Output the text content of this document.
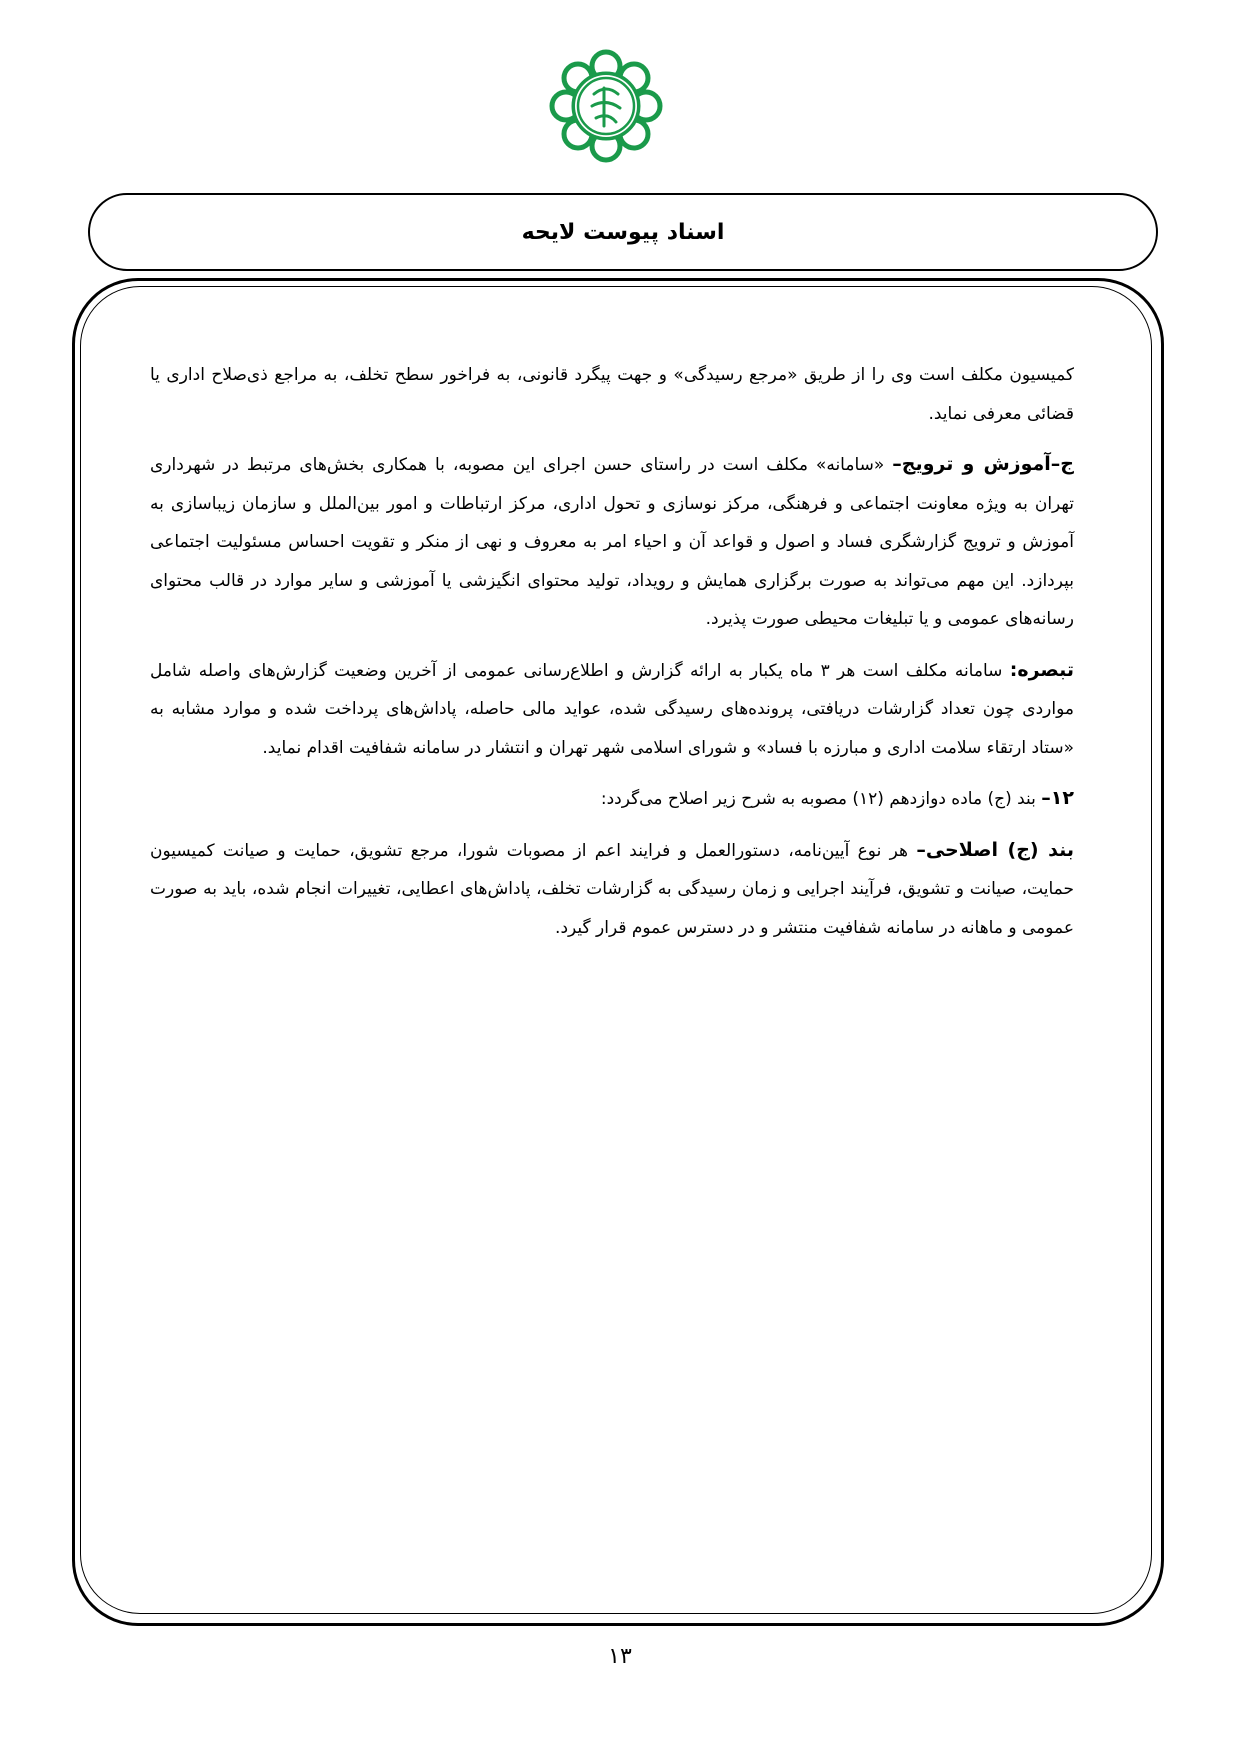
اسناد پیوست لایحه

کمیسیون مکلف است وی را از طریق «مرجع رسیدگی» و جهت پیگرد قانونی، به فراخور سطح تخلف، به مراجع ذی‌صلاح اداری یا قضائی معرفی نماید.

ج–آموزش و ترویج– «سامانه» مکلف است در راستای حسن اجرای این مصوبه، با همکاری بخش‌های مرتبط در شهرداری تهران به ویژه معاونت اجتماعی و فرهنگی، مرکز نوسازی و تحول اداری، مرکز ارتباطات و امور بین‌الملل و سازمان زیباسازی به آموزش و ترویج گزارشگری فساد و اصول و قواعد آن و احیاء امر به معروف و نهی از منکر و تقویت احساس مسئولیت اجتماعی بپردازد. این مهم می‌تواند به صورت برگزاری همایش و رویداد، تولید محتوای انگیزشی یا آموزشی و سایر موارد در قالب محتوای رسانه‌های عمومی و یا تبلیغات محیطی صورت پذیرد.

تبصره: سامانه مکلف است هر ۳ ماه یکبار به ارائه گزارش و اطلاع‌رسانی عمومی از آخرین وضعیت گزارش‌های واصله شامل مواردی چون تعداد گزارشات دریافتی، پرونده‌های رسیدگی شده، عواید مالی حاصله، پاداش‌های پرداخت شده و موارد مشابه به «ستاد ارتقاء سلامت اداری و مبارزه با فساد» و شورای اسلامی شهر تهران و انتشار در سامانه شفافیت اقدام نماید.

۱۲– بند (ج) ماده دوازدهم (۱۲) مصوبه به شرح زیر اصلاح می‌گردد:

بند (ج) اصلاحی– هر نوع آیین‌نامه، دستورالعمل و فرایند اعم از مصوبات شورا، مرجع تشویق، حمایت و صیانت کمیسیون حمایت، صیانت و تشویق، فرآیند اجرایی و زمان رسیدگی به گزارشات تخلف، پاداش‌های اعطایی، تغییرات انجام شده، باید به صورت عمومی و ماهانه در سامانه شفافیت منتشر و در دسترس عموم قرار گیرد.

۱۳
